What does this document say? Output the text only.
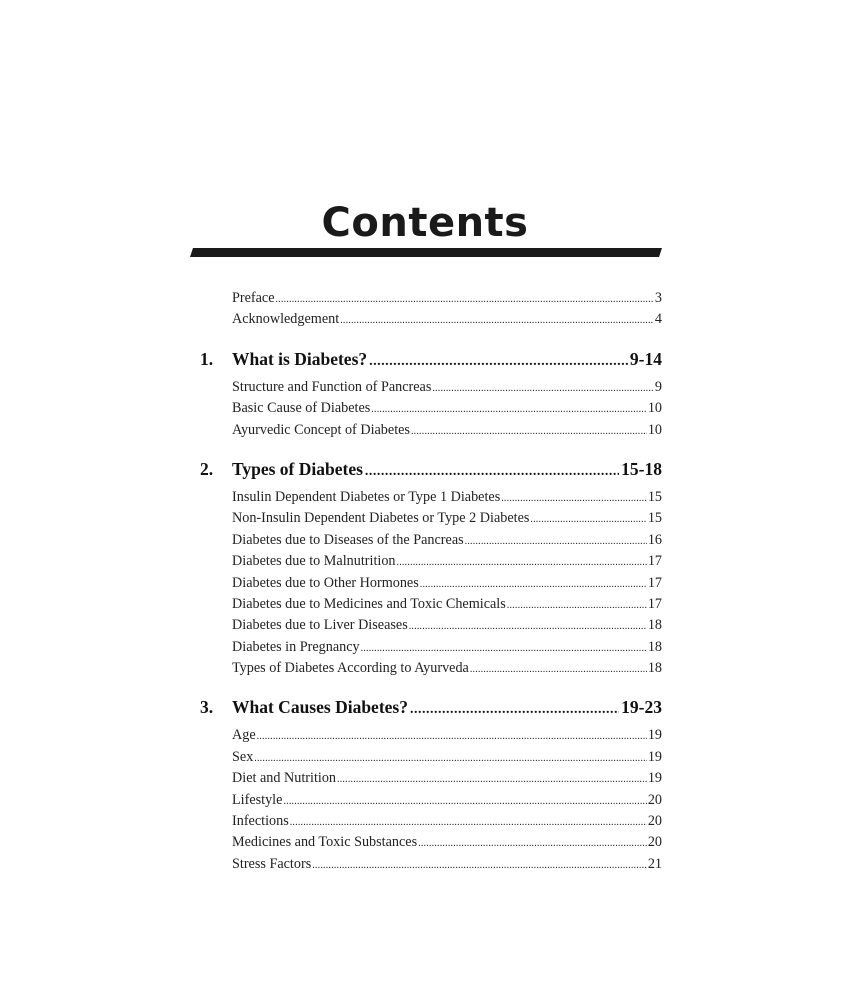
Contents
Preface .....	3
Acknowledgement .....	4
1.	What is Diabetes? .....	9-14
Structure and Function of Pancreas .....	9
Basic Cause of Diabetes .....	10
Ayurvedic Concept of Diabetes .....	10
2.	Types of Diabetes .....	15-18
Insulin Dependent Diabetes or Type 1 Diabetes .....	15
Non-Insulin Dependent Diabetes or Type 2 Diabetes .....	15
Diabetes due to Diseases of the Pancreas .....	16
Diabetes due to Malnutrition .....	17
Diabetes due to Other Hormones .....	17
Diabetes due to Medicines and Toxic Chemicals .....	17
Diabetes due to Liver Diseases .....	18
Diabetes in Pregnancy .....	18
Types of Diabetes According to Ayurveda .....	18
3.	What Causes Diabetes? .....	19-23
Age .....	19
Sex .....	19
Diet and Nutrition .....	19
Lifestyle .....	20
Infections .....	20
Medicines and Toxic Substances .....	20
Stress Factors .....	21
